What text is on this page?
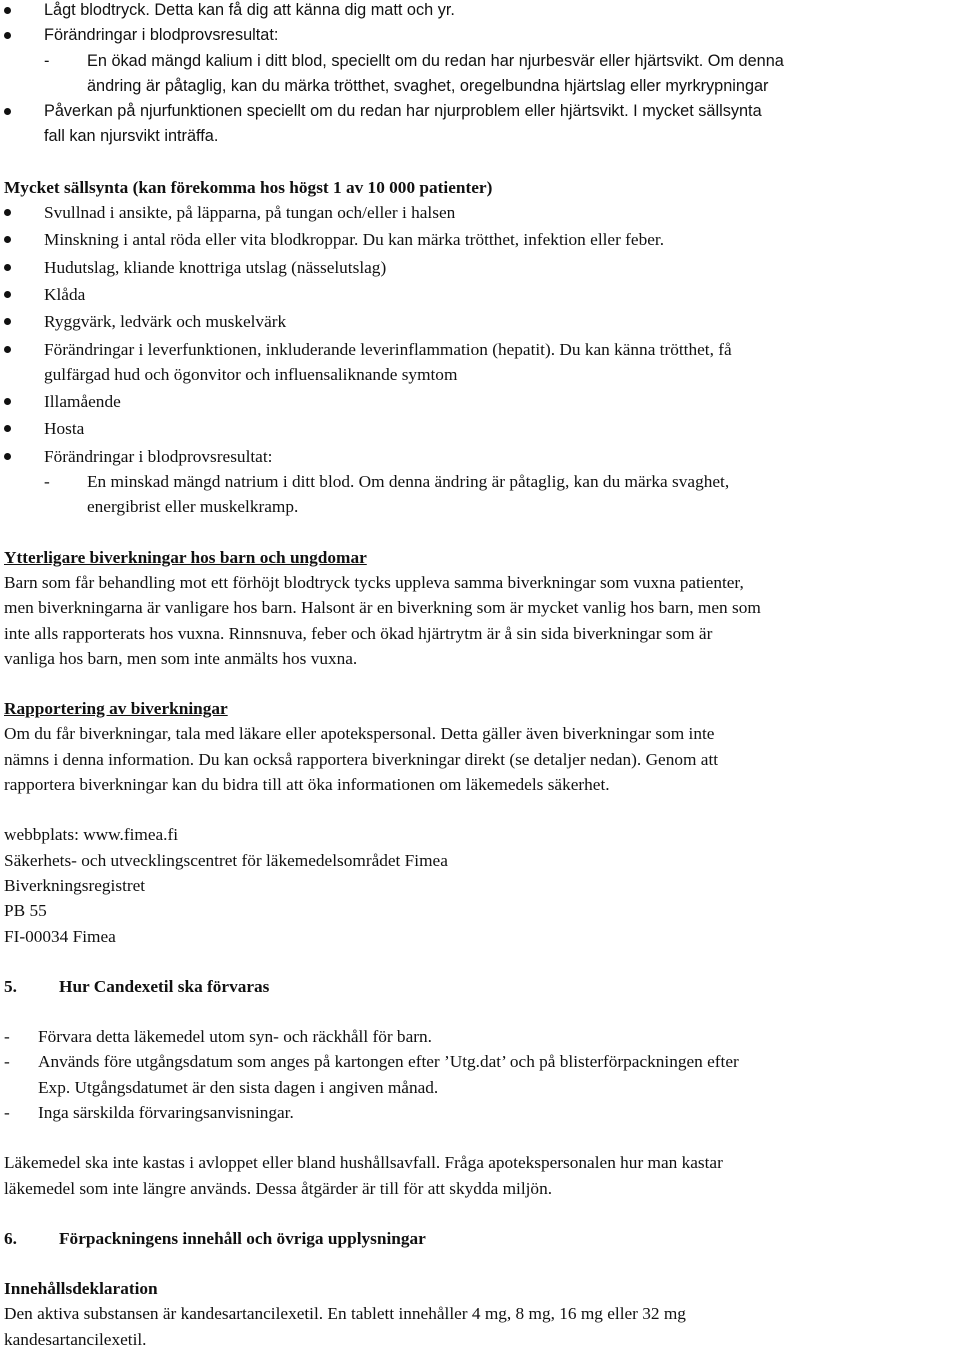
Lågt blodtryck. Detta kan få dig att känna dig matt och yr.

Förändringar i blodprovsresultat:

- En ökad mängd kalium i ditt blod, speciellt om du redan har njurbesvär eller hjärtsvikt. Om denna

ändring är påtaglig, kan du märka trötthet, svaghet, oregelbundna hjärtslag eller myrkrypningar

Påverkan på njurfunktionen speciellt om du redan har njurproblem eller hjärtsvikt. I mycket sällsynta

fall kan njursvikt inträffa.

Mycket sällsynta (kan förekomma hos högst 1 av 10 000 patienter)

Svullnad i ansikte, på läpparna, på tungan och/eller i halsen

Minskning i antal röda eller vita blodkroppar. Du kan märka trötthet, infektion eller feber.

Hudutslag, kliande knottriga utslag (nässelutslag)

Klåda

Ryggvärk, ledvärk och muskelvärk

Förändringar i leverfunktionen, inkluderande leverinflammation (hepatit). Du kan känna trötthet, få

gulfärgad hud och ögonvitor och influensaliknande symtom

Illamående

Hosta

Förändringar i blodprovsresultat:

- En minskad mängd natrium i ditt blod. Om denna ändring är påtaglig, kan du märka svaghet,

energibrist eller muskelkramp.

Ytterligare biverkningar hos barn och ungdomar

Barn som får behandling mot ett förhöjt blodtryck tycks uppleva samma biverkningar som vuxna patienter,

men biverkningarna är vanligare hos barn. Halsont är en biverkning som är mycket vanlig hos barn, men som

inte alls rapporterats hos vuxna. Rinnsnuva, feber och ökad hjärtrytm är å sin sida biverkningar som är

vanliga hos barn, men som inte anmälts hos vuxna.

Rapportering av biverkningar

Om du får biverkningar, tala med läkare eller apotekspersonal. Detta gäller även biverkningar som inte

nämns i denna information. Du kan också rapportera biverkningar direkt (se detaljer nedan). Genom att

rapportera biverkningar kan du bidra till att öka informationen om läkemedels säkerhet.

webbplats: www.fimea.fi

Säkerhets- och utvecklingscentret för läkemedelsområdet Fimea

Biverkningsregistret

PB 55

FI-00034 Fimea

5. Hur Candexetil ska förvaras

- Förvara detta läkemedel utom syn- och räckhåll för barn.

- Används före utgångsdatum som anges på kartongen efter ’Utg.dat’ och på blisterförpackningen efter

Exp. Utgångsdatumet är den sista dagen i angiven månad.

- Inga särskilda förvaringsanvisningar.

Läkemedel ska inte kastas i avloppet eller bland hushållsavfall. Fråga apotekspersonalen hur man kastar

läkemedel som inte längre används. Dessa åtgärder är till för att skydda miljön.

6. Förpackningens innehåll och övriga upplysningar

Innehållsdeklaration

Den aktiva substansen är kandesartancilexetil. En tablett innehåller 4 mg, 8 mg, 16 mg eller 32 mg

kandesartancilexetil.
